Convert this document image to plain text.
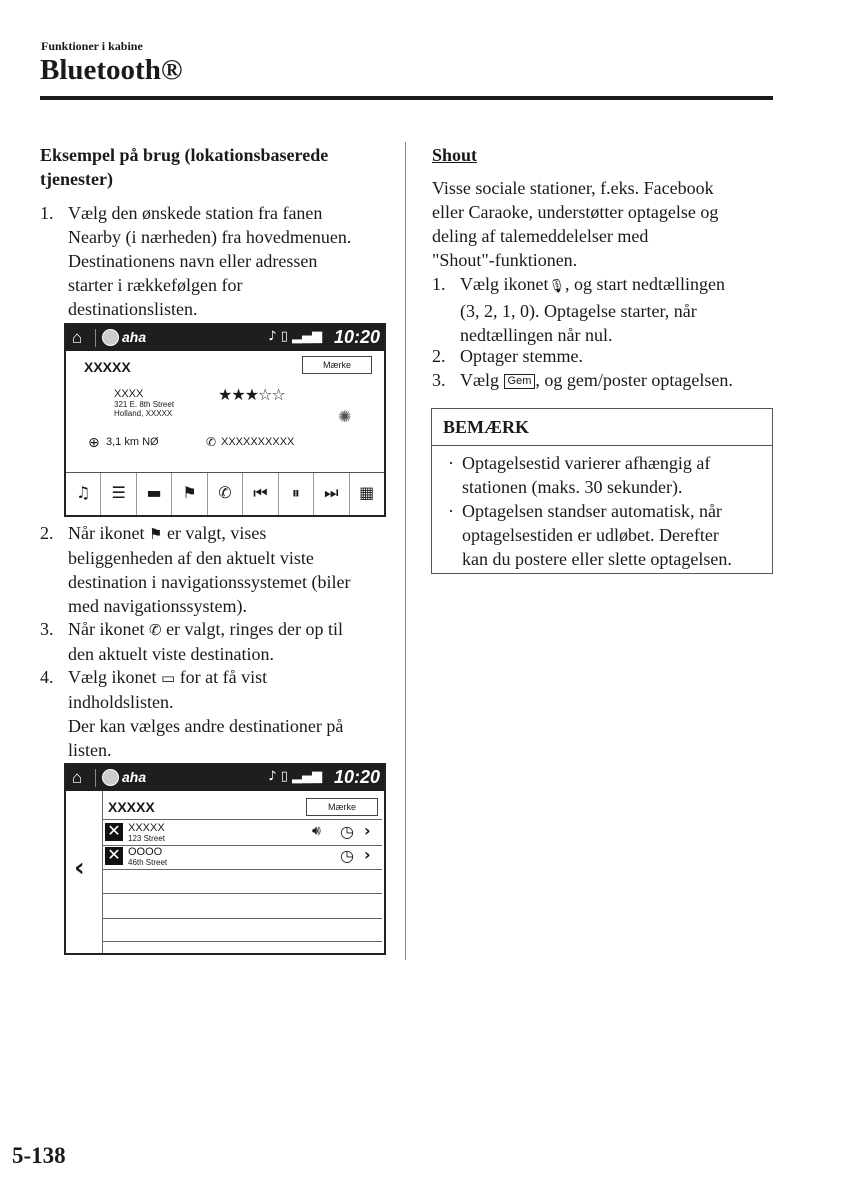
Funktioner i kabine
Bluetooth®
Eksempel på brug (lokationsbaserede
tjenester)
1. Vælg den ønskede station fra fanen
Nearby (i nærheden) fra hovedmenuen.
Destinationens navn eller adressen
starter i rækkefølgen for
destinationslisten.
⌂	aha	♪ ▯ ▂▄▆ 10:20
XXXXX	Mærke
XXXX
321 E. 8th Street
Holland, XXXXX
★★★☆☆
✺
⊕ 3,1 km NØ	✆ XXXXXXXXXX
♫	☰	▬	⚑	✆	⏮	⏸	⏭	▦
2. Når ikonet ⚑ er valgt, vises
beliggenheden af den aktuelt viste
destination i navigationssystemet (biler
med navigationssystem).
3. Når ikonet ✆ er valgt, ringes der op til
den aktuelt viste destination.
4. Vælg ikonet ▭ for at få vist
indholdslisten.
Der kan vælges andre destinationer på
listen.
⌂	aha	♪ ▯ ▂▄▆ 10:20
‹
XXXXX	Mærke
✕ XXXXX
123 Street	🔊︎ ◷ ›
✕ OOOO
46th Street	◷ ›
Shout
Visse sociale stationer, f.eks. Facebook
eller Caraoke, understøtter optagelse og
deling af talemeddelelser med
"Shout"-funktionen.
1. Vælg ikonet🎙︎, og start nedtællingen
(3, 2, 1, 0). Optagelse starter, når
nedtællingen når nul.
2. Optager stemme.
3. Vælg Gem , og gem/poster optagelsen.
BEMÆRK
· Optagelsestid varierer afhængig af
stationen (maks. 30 sekunder).
· Optagelsen standser automatisk, når
optagelsestiden er udløbet. Derefter
kan du postere eller slette optagelsen.
5-138
